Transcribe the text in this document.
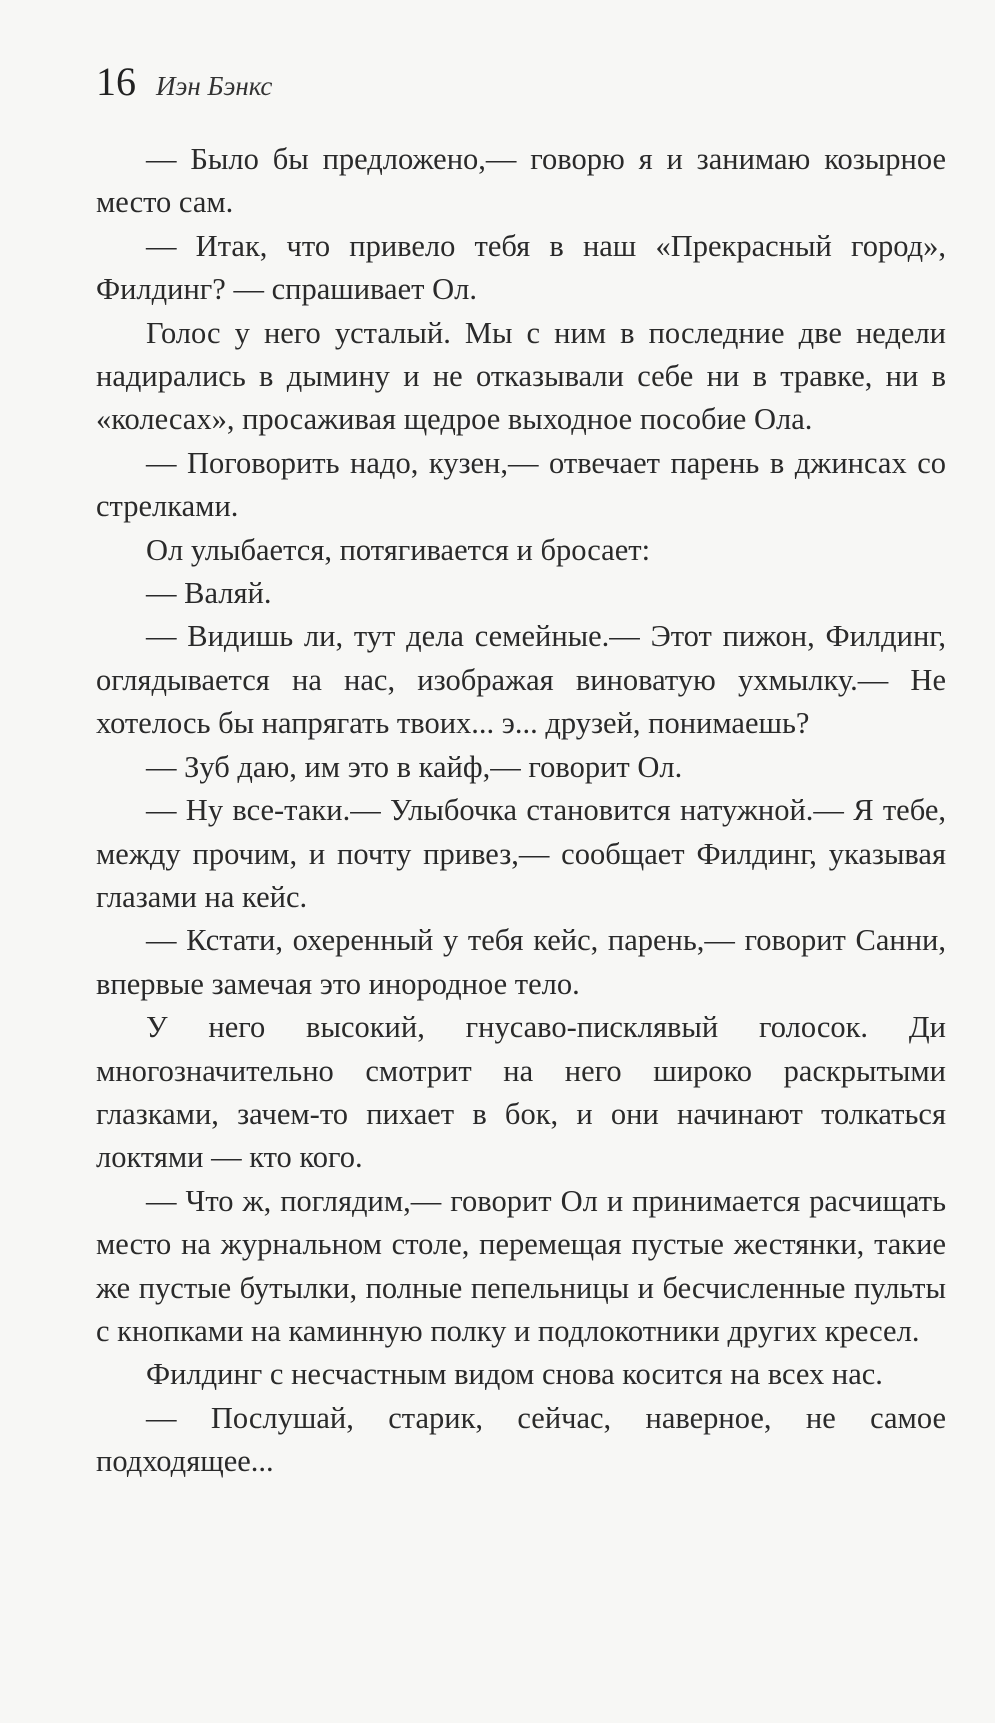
16 Иэн Бэнкс

— Было бы предложено,— говорю я и занимаю козырное место сам.

— Итак, что привело тебя в наш «Прекрасный город», Филдинг? — спрашивает Ол.

Голос у него усталый. Мы с ним в последние две недели надирались в дымину и не отказывали себе ни в травке, ни в «колесах», просаживая щедрое выходное пособие Ола.

— Поговорить надо, кузен,— отвечает парень в джинсах со стрелками.

Ол улыбается, потягивается и бросает:

— Валяй.

— Видишь ли, тут дела семейные.— Этот пижон, Филдинг, оглядывается на нас, изображая виноватую ухмылку.— Не хотелось бы напрягать твоих... э... друзей, понимаешь?

— Зуб даю, им это в кайф,— говорит Ол.

— Ну все-таки.— Улыбочка становится натужной.— Я тебе, между прочим, и почту привез,— сообщает Филдинг, указывая глазами на кейс.

— Кстати, охеренный у тебя кейс, парень,— говорит Санни, впервые замечая это инородное тело.

У него высокий, гнусаво-писклявый голосок. Ди многозначительно смотрит на него широко раскрытыми глазками, зачем-то пихает в бок, и они начинают толкаться локтями — кто кого.

— Что ж, поглядим,— говорит Ол и принимается расчищать место на журнальном столе, перемещая пустые жестянки, такие же пустые бутылки, полные пепельницы и бесчисленные пульты с кнопками на каминную полку и подлокотники других кресел.

Филдинг с несчастным видом снова косится на всех нас.

— Послушай, старик, сейчас, наверное, не самое подходящее...
